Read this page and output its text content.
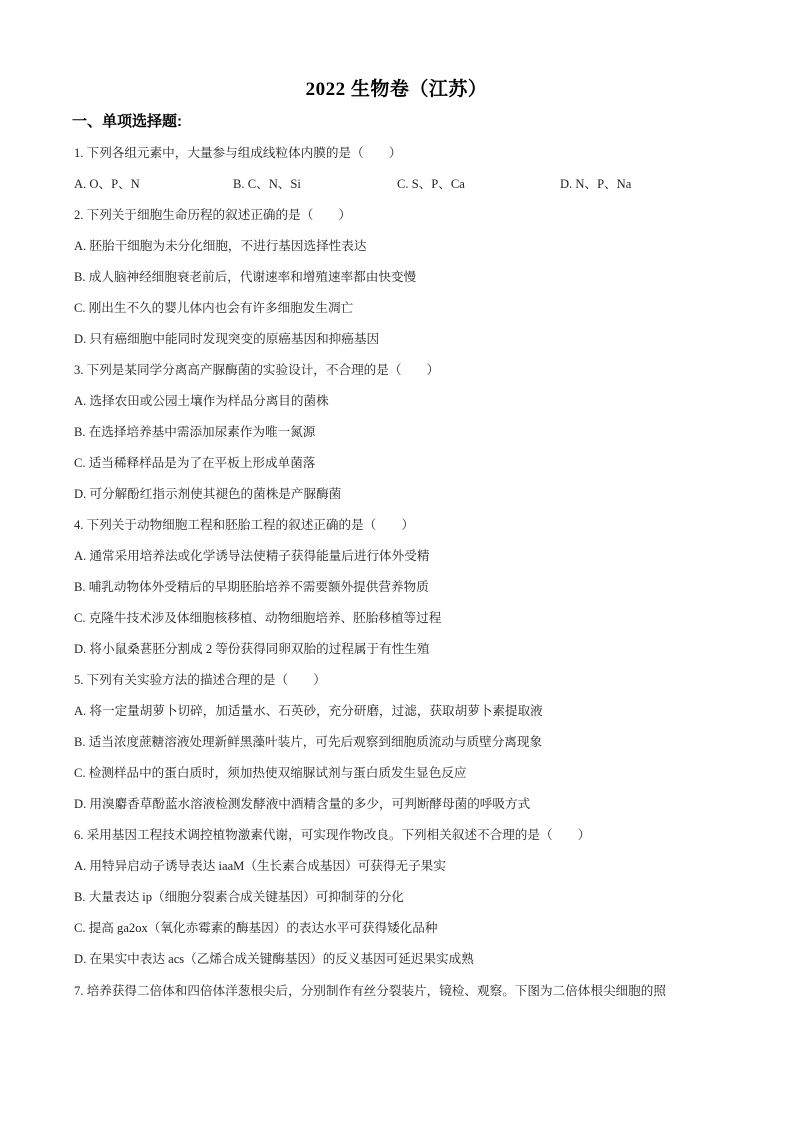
2022 生物卷（江苏）
一、单项选择题:
1. 下列各组元素中，大量参与组成线粒体内膜的是（　　）
A. O、P、N	B. C、N、Si	C. S、P、Ca	D. N、P、Na
2. 下列关于细胞生命历程的叙述正确的是（　　）
A. 胚胎干细胞为未分化细胞，不进行基因选择性表达
B. 成人脑神经细胞衰老前后，代谢速率和增殖速率都由快变慢
C. 刚出生不久的婴儿体内也会有许多细胞发生凋亡
D. 只有癌细胞中能同时发现突变的原癌基因和抑癌基因
3. 下列是某同学分离高产脲酶菌的实验设计，不合理的是（　　）
A. 选择农田或公园土壤作为样品分离目的菌株
B. 在选择培养基中需添加尿素作为唯一氮源
C. 适当稀释样品是为了在平板上形成单菌落
D. 可分解酚红指示剂使其褪色的菌株是产脲酶菌
4. 下列关于动物细胞工程和胚胎工程的叙述正确的是（　　）
A. 通常采用培养法或化学诱导法使精子获得能量后进行体外受精
B. 哺乳动物体外受精后的早期胚胎培养不需要额外提供营养物质
C. 克隆牛技术涉及体细胞核移植、动物细胞培养、胚胎移植等过程
D. 将小鼠桑葚胚分割成 2 等份获得同卵双胎的过程属于有性生殖
5. 下列有关实验方法的描述合理的是（　　）
A. 将一定量胡萝卜切碎，加适量水、石英砂，充分研磨，过滤，获取胡萝卜素提取液
B. 适当浓度蔗糖溶液处理新鲜黑藻叶装片，可先后观察到细胞质流动与质壁分离现象
C. 检测样品中的蛋白质时，须加热使双缩脲试剂与蛋白质发生显色反应
D. 用溴麝香草酚蓝水溶液检测发酵液中酒精含量的多少，可判断酵母菌的呼吸方式
6. 采用基因工程技术调控植物激素代谢，可实现作物改良。下列相关叙述不合理的是（　　）
A. 用特异启动子诱导表达 iaaM（生长素合成基因）可获得无子果实
B. 大量表达 ip（细胞分裂素合成关键基因）可抑制芽的分化
C. 提高 ga2ox（氧化赤霉素的酶基因）的表达水平可获得矮化品种
D. 在果实中表达 acs（乙烯合成关键酶基因）的反义基因可延迟果实成熟
7. 培养获得二倍体和四倍体洋葱根尖后，分别制作有丝分裂装片，镜检、观察。下图为二倍体根尖细胞的照
